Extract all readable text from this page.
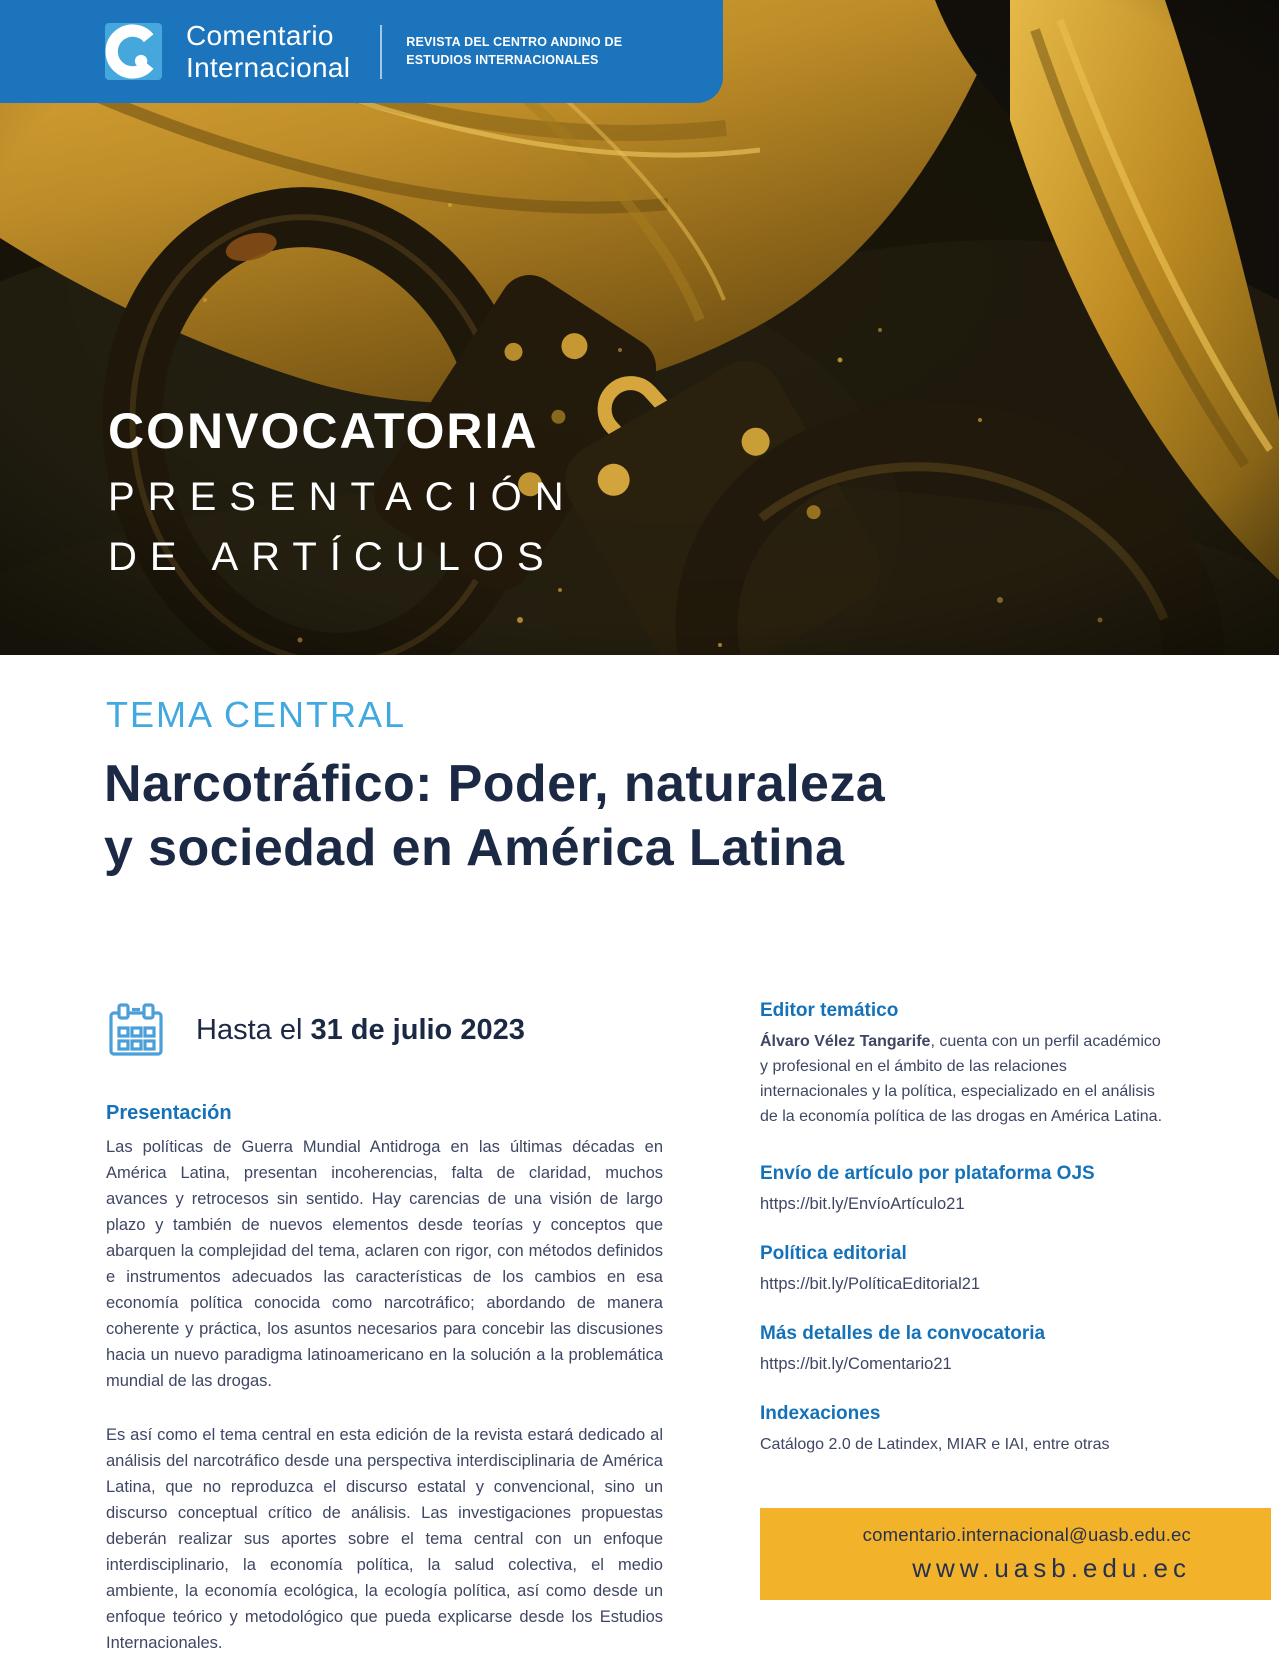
CONVOCATORIA
PRESENTACIÓN
DE ARTÍCULOS
Comentario
Internacional
REVISTA DEL CENTRO ANDINO DE
ESTUDIOS INTERNACIONALES
TEMA CENTRAL
Narcotráfico: Poder, naturaleza
y sociedad en América Latina
Hasta el 31 de julio 2023
Presentación

Las políticas de Guerra Mundial Antidroga en las últimas décadas en América Latina, presentan incoherencias, falta de claridad, muchos avances y retrocesos sin sentido. Hay carencias de una visión de largo plazo y también de nuevos elementos desde teorías y conceptos que abarquen la complejidad del tema, aclaren con rigor, con métodos definidos e instrumentos adecuados las características de los cambios en esa economía política conocida como narcotráfico; abordando de manera coherente y práctica, los asuntos necesarios para concebir las discusiones hacia un nuevo paradigma latinoamericano en la solución a la problemática mundial de las drogas.

Es así como el tema central en esta edición de la revista estará dedicado al análisis del narcotráfico desde una perspectiva interdisciplinaria de América Latina, que no reproduzca el discurso estatal y convencional, sino un discurso conceptual crítico de análisis. Las investigaciones propuestas deberán realizar sus aportes sobre el tema central con un enfoque interdisciplinario, la economía política, la salud colectiva, el medio ambiente, la economía ecológica, la ecología política, así como desde un enfoque teórico y metodológico que pueda explicarse desde los Estudios Internacionales.

Editor temático

Álvaro Vélez Tangarife, cuenta con un perfil académico y profesional en el ámbito de las relaciones internacionales y la política, especializado en el análisis de la economía política de las drogas en América Latina.

Envío de artículo por plataforma OJS
https://bit.ly/EnvíoArtículo21
Política editorial
https://bit.ly/PolíticaEditorial21
Más detalles de la convocatoria
https://bit.ly/Comentario21
Indexaciones

Catálogo 2.0 de Latindex, MIAR e IAI, entre otras

comentario.internacional@uasb.edu.ec
www.uasb.edu.ec
